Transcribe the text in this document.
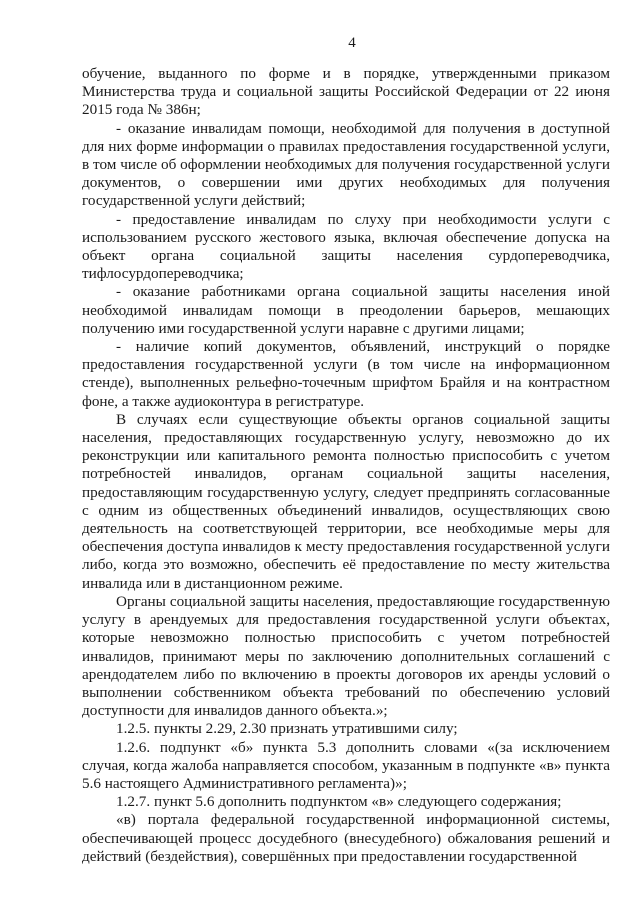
4

обучение, выданного по форме и в порядке, утвержденными приказом Министерства труда и социальной защиты Российской Федерации от 22 июня 2015 года № 386н;

- оказание инвалидам помощи, необходимой для получения в доступной для них форме информации о правилах предоставления государственной услуги, в том числе об оформлении необходимых для получения государственной услуги документов, о совершении ими других необходимых для получения государственной услуги действий;

- предоставление инвалидам по слуху при необходимости услуги с использованием русского жестового языка, включая обеспечение допуска на объект органа социальной защиты населения сурдопереводчика, тифлосурдопереводчика;

- оказание работниками органа социальной защиты населения иной необходимой инвалидам помощи в преодолении барьеров, мешающих получению ими государственной услуги наравне с другими лицами;

- наличие копий документов, объявлений, инструкций о порядке предоставления государственной услуги (в том числе на информационном стенде), выполненных рельефно-точечным шрифтом Брайля и на контрастном фоне, а также аудиоконтура в регистратуре.

В случаях если существующие объекты органов социальной защиты населения, предоставляющих государственную услугу, невозможно до их реконструкции или капитального ремонта полностью приспособить с учетом потребностей инвалидов, органам социальной защиты населения, предоставляющим государственную услугу, следует предпринять согласованные с одним из общественных объединений инвалидов, осуществляющих свою деятельность на соответствующей территории, все необходимые меры для обеспечения доступа инвалидов к месту предоставления государственной услуги либо, когда это возможно, обеспечить её предоставление по месту жительства инвалида или в дистанционном режиме.

Органы социальной защиты населения, предоставляющие государственную услугу в арендуемых для предоставления государственной услуги объектах, которые невозможно полностью приспособить с учетом потребностей инвалидов, принимают меры по заключению дополнительных соглашений с арендодателем либо по включению в проекты договоров их аренды условий о выполнении собственником объекта требований по обеспечению условий доступности для инвалидов данного объекта.»;

1.2.5. пункты 2.29, 2.30 признать утратившими силу;

1.2.6. подпункт «б» пункта 5.3 дополнить словами «(за исключением случая, когда жалоба направляется способом, указанным в подпункте «в» пункта 5.6 настоящего Административного регламента)»;

1.2.7. пункт 5.6 дополнить подпунктом «в» следующего содержания;

«в) портала федеральной государственной информационной системы, обеспечивающей процесс досудебного (внесудебного) обжалования решений и действий (бездействия), совершённых при предоставлении государственной
